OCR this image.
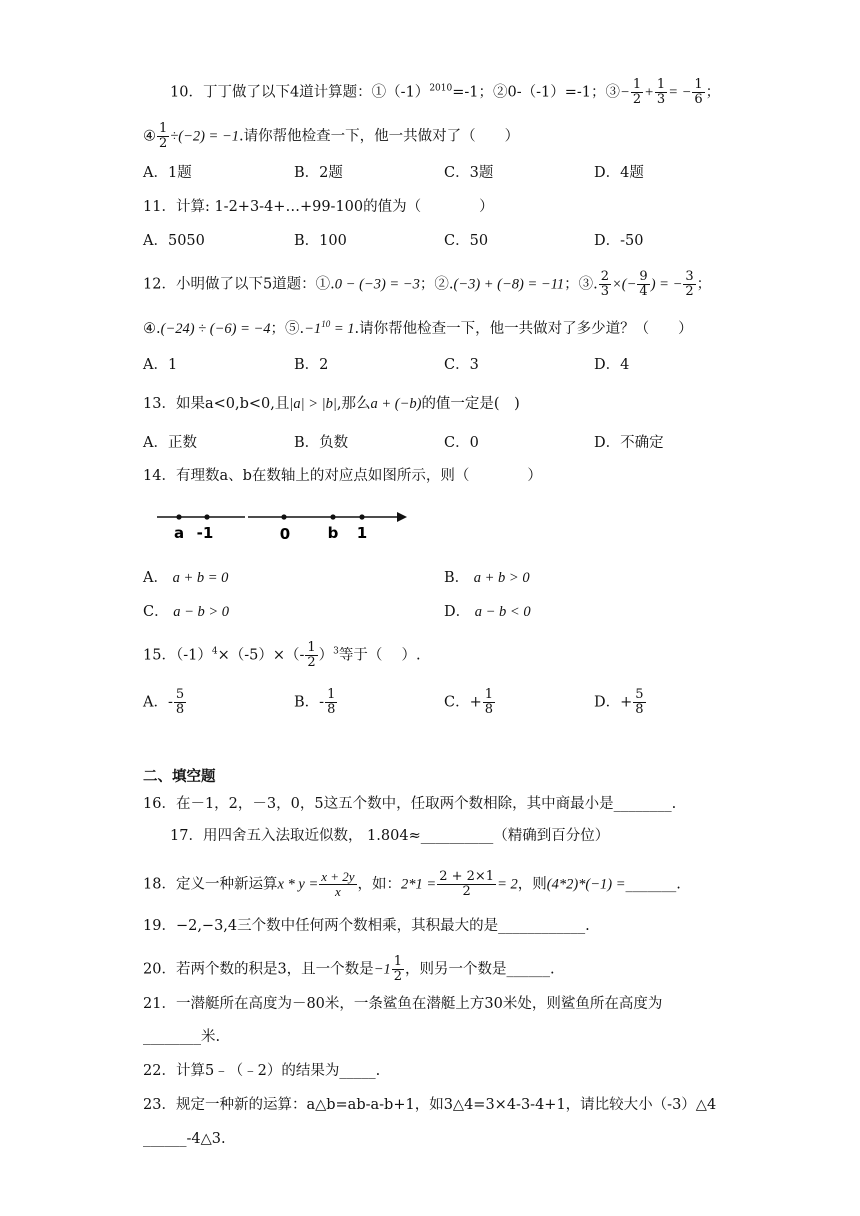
10．丁丁做了以下4道计算题：$①(-1)^{2010}=-1$；②0-（-1）=-1；③− $\frac{1}{2} + \frac{1}{3}$ = − $\frac{1}{6}$ ；
④ $\frac{1}{2} \div(-2) = -1$.请你帮他检查一下，他一共做对了（　　）
A．1题	B．2题	C．3题	D．4题
11．计算: 1-2+3-4+…+99-100的值为（　　　　）
A．5050	B．100	C．50	D．-50
12．小明做了以下5道题：①.0 − (−3) = −3；②.(−3) + (−8) = −11；③. $\frac{2}{3}$ ×(− $\frac{9}{4}$ ) = − $\frac{3}{2}$ ；
④.(−24) ÷ (−6) = −4；$⑤.-1^{10} = 1$.请你帮他检查一下，他一共做对了多少道？（　　）
A．1	B．2	C．3	D．4
13．如果a<0,b<0,且|a| > |b|,那么a + (−b)的值一定是(　)
A．正数	B．负数	C．0	D．不确定
14．有理数a、b在数轴上的对应点如图所示，则（　　　　）
a -1	0 b 1
A． a + b = 0	B． a + b > 0
C． a − b > 0	D． a − b < 0
15．$(-1)^4\times(-5)\times(- \frac{1}{2} )^3$等于（　 ）.
A．- $\frac{5}{8}$	B．- $\frac{1}{8}$	C．+ $\frac{1}{8}$	D．+ $\frac{5}{8}$
二、填空题
16．在－1，2，－3，0，5这五个数中，任取两个数相除，其中商最小是________.
17．用四舍五入法取近似数， 1.804≈__________（精确到百分位）
18．定义一种新运算$x * y = \frac{x + 2y}{x}$ ，如：$2*1 = \frac{2 + 2\times 1}{2} = 2$，则(4*2)*(−1) =_______.
19．−2,−3,4三个数中任何两个数相乘，其积最大的是____________.
20．若两个数的积是3，且一个数是$-1 \frac{1}{2}$ ，则另一个数是______.
21．一潜艇所在高度为－80米，一条鲨鱼在潜艇上方30米处，则鲨鱼所在高度为
________米.
22．计算5﹣（﹣2）的结果为_____.
23．规定一种新的运算：a△b=ab-a-b+1，如3△4=3×4-3-4+1，请比较大小（-3）△4
______-4△3.
